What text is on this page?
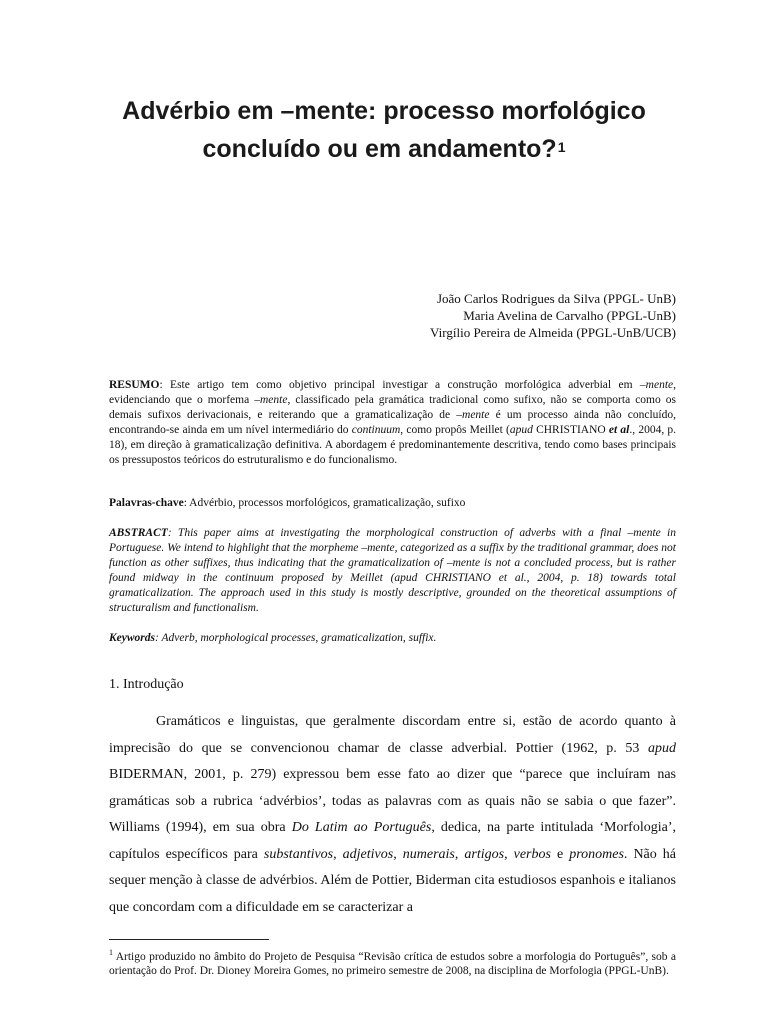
Advérbio em –mente: processo morfológico concluído ou em andamento?$^1$
João Carlos Rodrigues da Silva (PPGL- UnB)
Maria Avelina de Carvalho (PPGL-UnB)
Virgílio Pereira de Almeida (PPGL-UnB/UCB)
RESUMO: Este artigo tem como objetivo principal investigar a construção morfológica adverbial em –mente, evidenciando que o morfema –mente, classificado pela gramática tradicional como sufixo, não se comporta como os demais sufixos derivacionais, e reiterando que a gramaticalização de –mente é um processo ainda não concluído, encontrando-se ainda em um nível intermediário do continuum, como propôs Meillet (apud CHRISTIANO et al., 2004, p. 18), em direção à gramaticalização definitiva. A abordagem é predominantemente descritiva, tendo como bases principais os pressupostos teóricos do estruturalismo e do funcionalismo.
Palavras-chave: Advérbio, processos morfológicos, gramaticalização, sufixo
ABSTRACT: This paper aims at investigating the morphological construction of adverbs with a final –mente in Portuguese. We intend to highlight that the morpheme –mente, categorized as a suffix by the traditional grammar, does not function as other suffixes, thus indicating that the gramaticalization of –mente is not a concluded process, but is rather found midway in the continuum proposed by Meillet (apud CHRISTIANO et al., 2004, p. 18) towards total gramaticalization. The approach used in this study is mostly descriptive, grounded on the theoretical assumptions of structuralism and functionalism.
Keywords: Adverb, morphological processes, gramaticalization, suffix.
1. Introdução

Gramáticos e linguistas, que geralmente discordam entre si, estão de acordo quanto à imprecisão do que se convencionou chamar de classe adverbial. Pottier (1962, p. 53 apud BIDERMAN, 2001, p. 279) expressou bem esse fato ao dizer que “parece que incluíram nas gramáticas sob a rubrica ‘advérbios’, todas as palavras com as quais não se sabia o que fazer”. Williams (1994), em sua obra Do Latim ao Português, dedica, na parte intitulada ‘Morfologia’, capítulos específicos para substantivos, adjetivos, numerais, artigos, verbos e pronomes. Não há sequer menção à classe de advérbios. Além de Pottier, Biderman cita estudiosos espanhois e italianos que concordam com a dificuldade em se caracterizar a

$^1$ Artigo produzido no âmbito do Projeto de Pesquisa “Revisão crítica de estudos sobre a morfologia do Português”, sob a orientação do Prof. Dr. Dioney Moreira Gomes, no primeiro semestre de 2008, na disciplina de Morfologia (PPGL-UnB).
